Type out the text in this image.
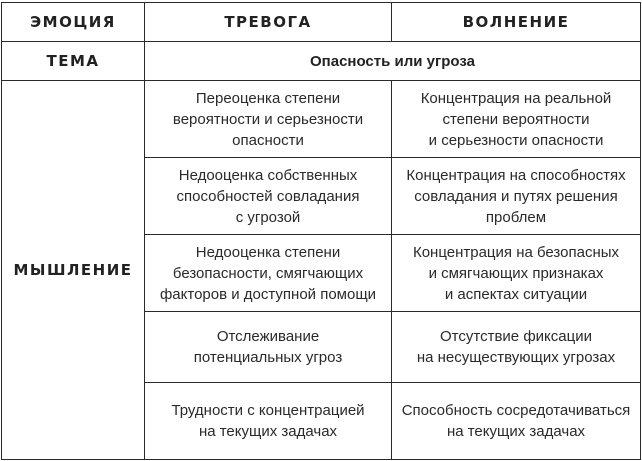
ЭМОЦИЯ	ТРЕВОГА	ВОЛНЕНИЕ
ТЕМА	Опасность или угроза	
МЫШЛЕНИЕ	Переоценка степени
вероятности и серьезности
опасности	Концентрация на реальной
степени вероятности
и серьезности опасности
	Недооценка собственных
способностей совладания
с угрозой	Концентрация на способностях
совладания и путях решения
проблем
	Недооценка степени
безопасности, смягчающих
факторов и доступной помощи	Концентрация на безопасных
и смягчающих признаках
и аспектах ситуации
	Отслеживание
потенциальных угроз	Отсутствие фиксации
на несуществующих угрозах
	Трудности с концентрацией
на текущих задачах	Способность сосредотачиваться
на текущих задачах
